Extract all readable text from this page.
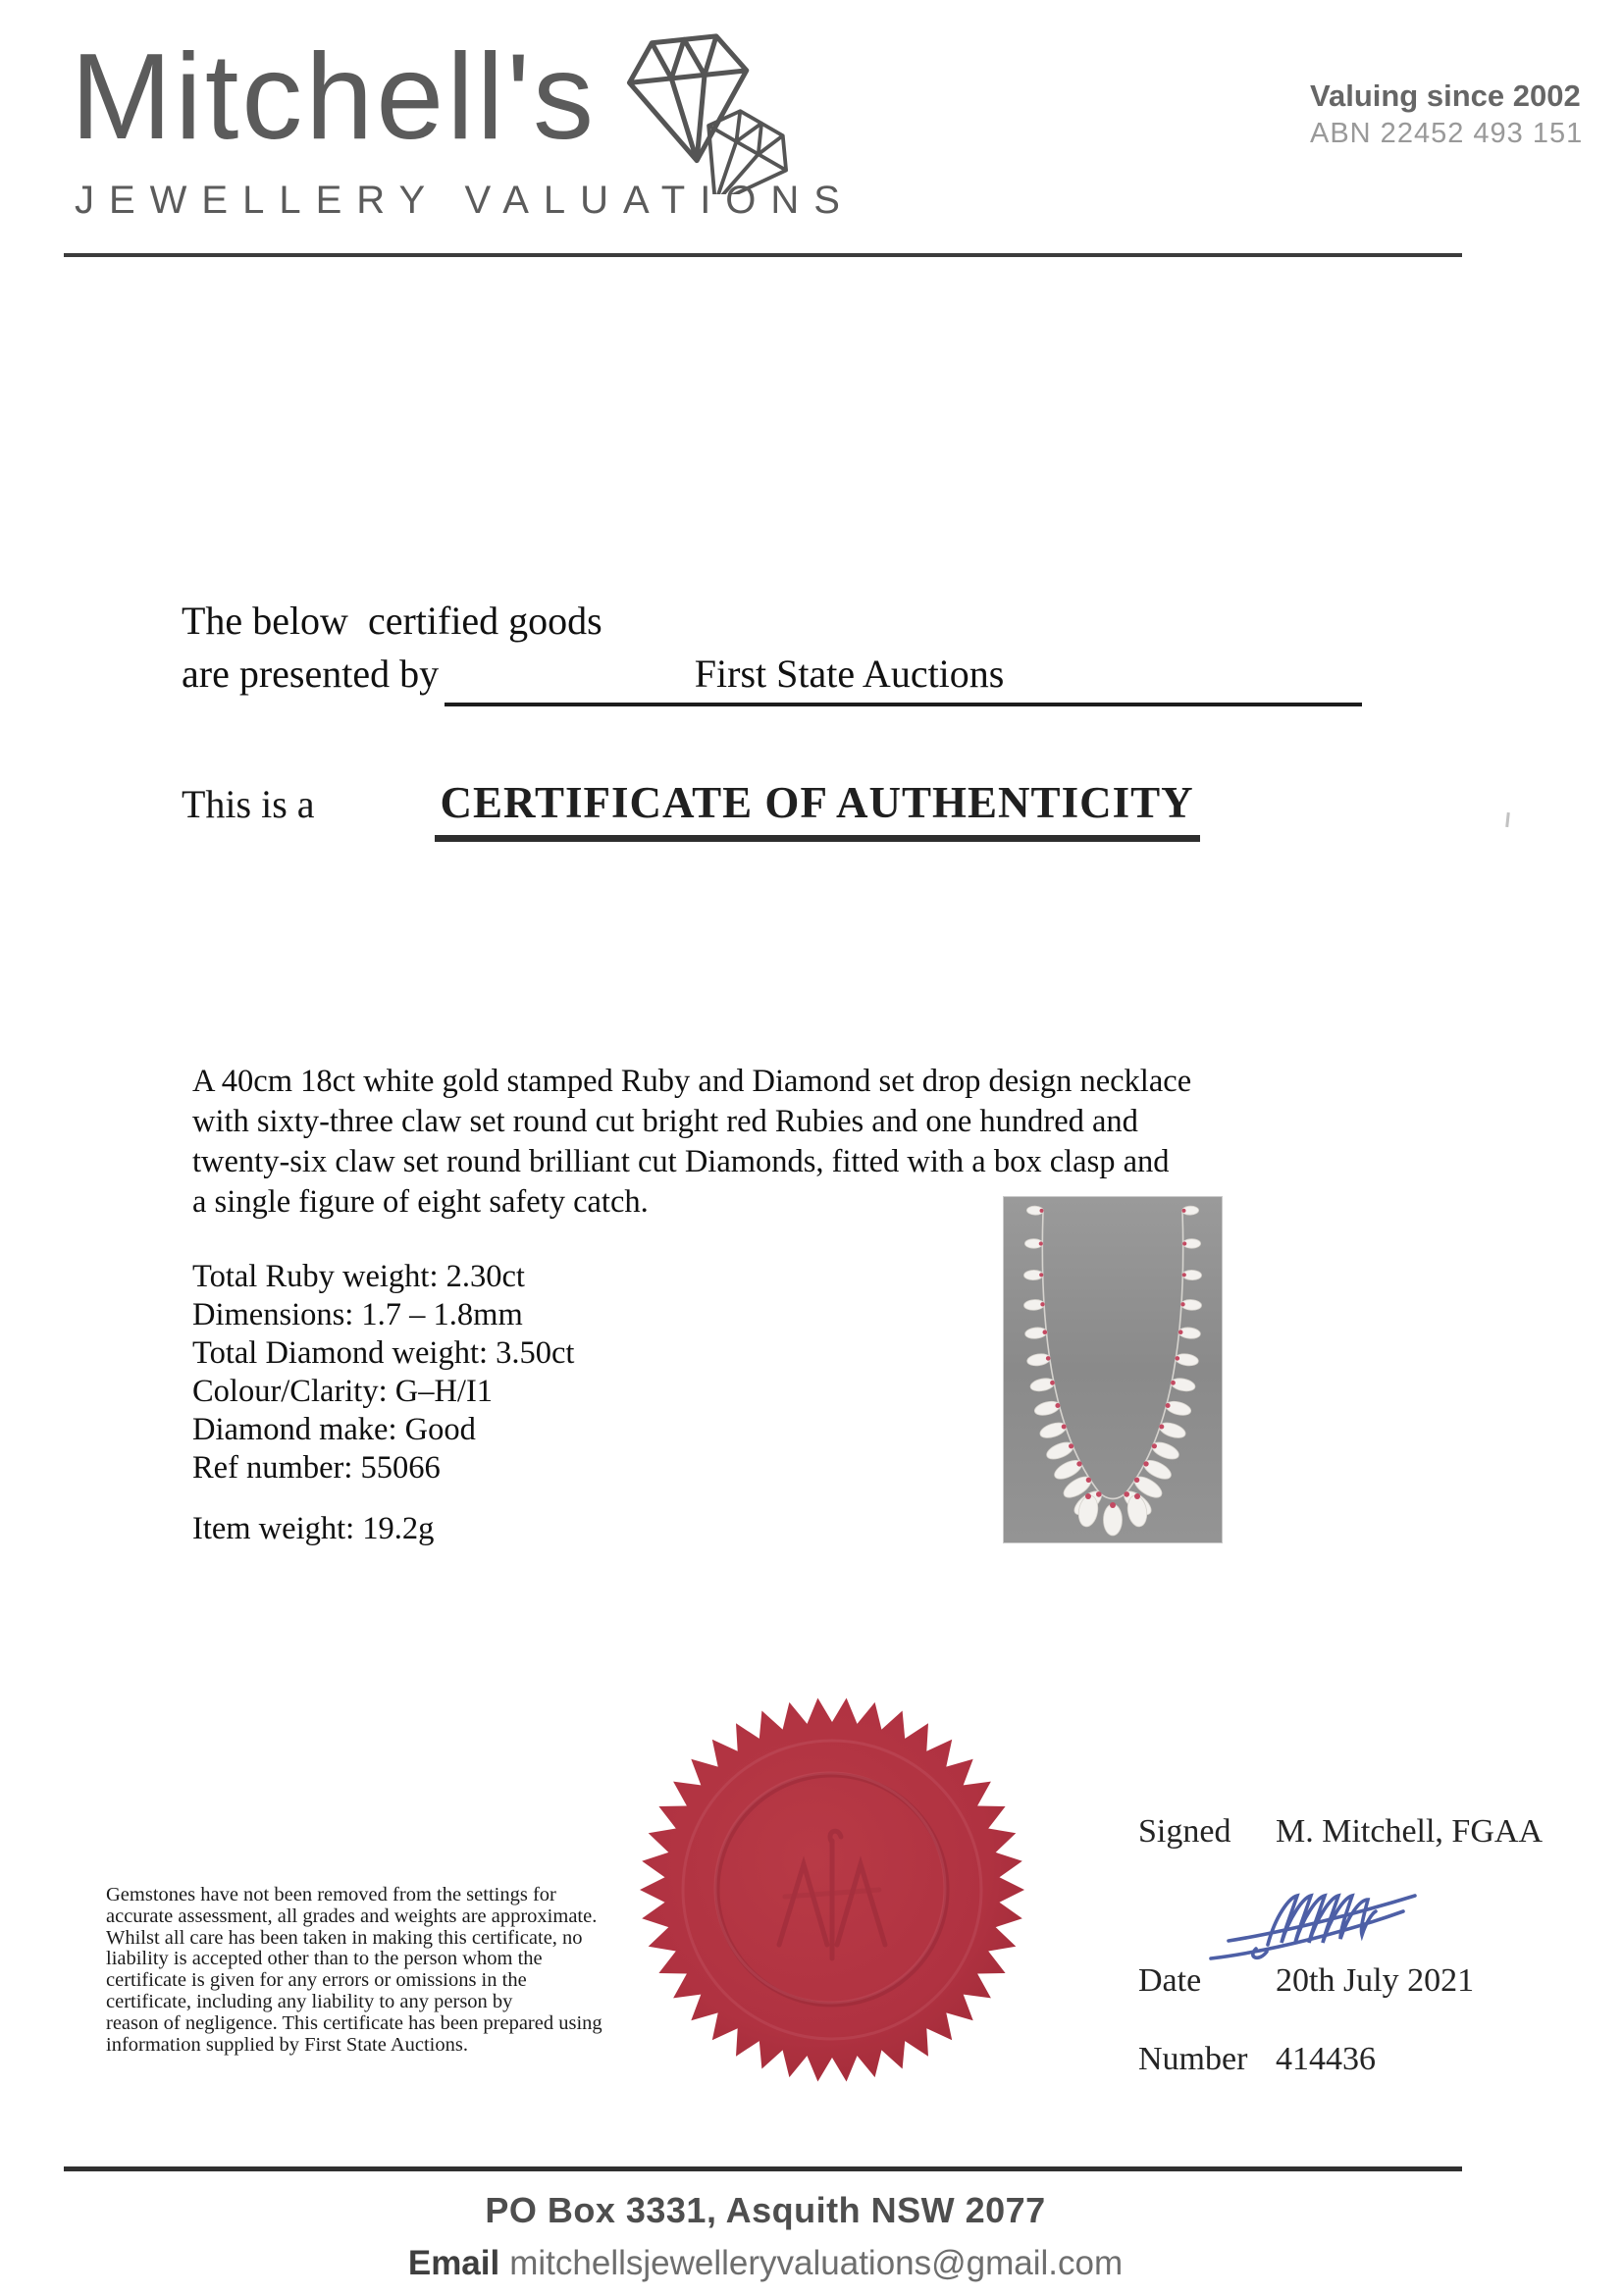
Mitchell's
JEWELLERY VALUATIONS
Valuing since 2002
ABN 22452 493 151
The below  certified goods
are presented by	First State Auctions
This is a	CERTIFICATE OF AUTHENTICITY
A 40cm 18ct white gold stamped Ruby and Diamond set drop design necklace
with sixty-three claw set round cut bright red Rubies and one hundred and
twenty-six claw set round brilliant cut Diamonds, fitted with a box clasp and
a single figure of eight safety catch.
Total Ruby weight: 2.30ct
Dimensions: 1.7 – 1.8mm
Total Diamond weight: 3.50ct
Colour/Clarity: G–H/I1
Diamond make: Good
Ref number: 55066
Item weight: 19.2g
Gemstones have not been removed from the settings for
accurate assessment, all grades and weights are approximate.
Whilst all care has been taken in making this certificate, no
liability is accepted other than to the person whom the
certificate is given for any errors or omissions in the
certificate, including any liability to any person by
reason of negligence. This certificate has been prepared using
information supplied by First State Auctions.
Signed	M. Mitchell, FGAA
Date	20th July 2021
Number 414436
PO Box 3331, Asquith NSW 2077
Email mitchellsjewelleryvaluations@gmail.com
